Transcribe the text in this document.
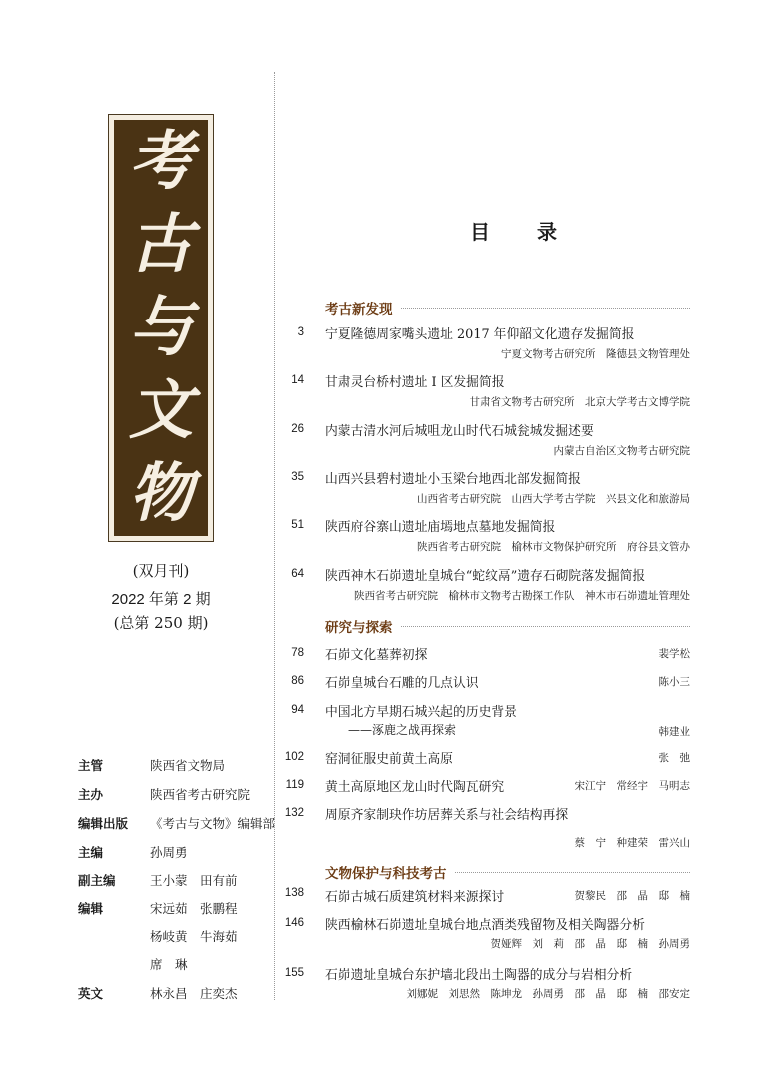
考
古
与
文
物
(双月刊)
2022 年第 2 期
(总第 250 期)
主管	陕西省文物局
主办	陕西省考古研究院
编辑出版	《考古与文物》编辑部
主编	孙周勇
副主编	王小蒙　田有前
编辑	宋远茹　张鹏程
杨岐黄　牛海茹
席　琳
英文	林永昌　庄奕杰
目 录
考古新发现
研究与探索
文物保护与科技考古
3 宁夏隆德周家嘴头遗址 2017 年仰韶文化遗存发掘简报
宁夏文物考古研究所　隆德县文物管理处
14 甘肃灵台桥村遗址 Ⅰ 区发掘简报
甘肃省文物考古研究所　北京大学考古文博学院
26 内蒙古清水河后城咀龙山时代石城瓮城发掘述要
内蒙古自治区文物考古研究院
35 山西兴县碧村遗址小玉梁台地西北部发掘简报
山西省考古研究院　山西大学考古学院　兴县文化和旅游局
51 陕西府谷寨山遗址庙墕地点墓地发掘简报
陕西省考古研究院　榆林市文物保护研究所　府谷县文管办
64 陕西神木石峁遗址皇城台“蛇纹鬲”遗存石砌院落发掘简报
陕西省考古研究院　榆林市文物考古勘探工作队　神木市石峁遗址管理处
78 石峁文化墓葬初探	裴学松
86 石峁皇城台石雕的几点认识	陈小三
94 中国北方早期石城兴起的历史背景
——涿鹿之战再探索	韩建业
102 窑洞征服史前黄土高原	张　弛
119 黄土高原地区龙山时代陶瓦研究	宋江宁　常经宇　马明志
132 周原齐家制玦作坊居葬关系与社会结构再探
蔡　宁　种建荣　雷兴山
138 石峁古城石质建筑材料来源探讨	贺黎民　邵　晶　邸　楠
146 陕西榆林石峁遗址皇城台地点酒类残留物及相关陶器分析
贺娅辉　刘　莉　邵　晶　邸　楠　孙周勇
155 石峁遗址皇城台东护墙北段出土陶器的成分与岩相分析
刘娜妮　刘思然　陈坤龙　孙周勇　邵　晶　邸　楠　邵安定
